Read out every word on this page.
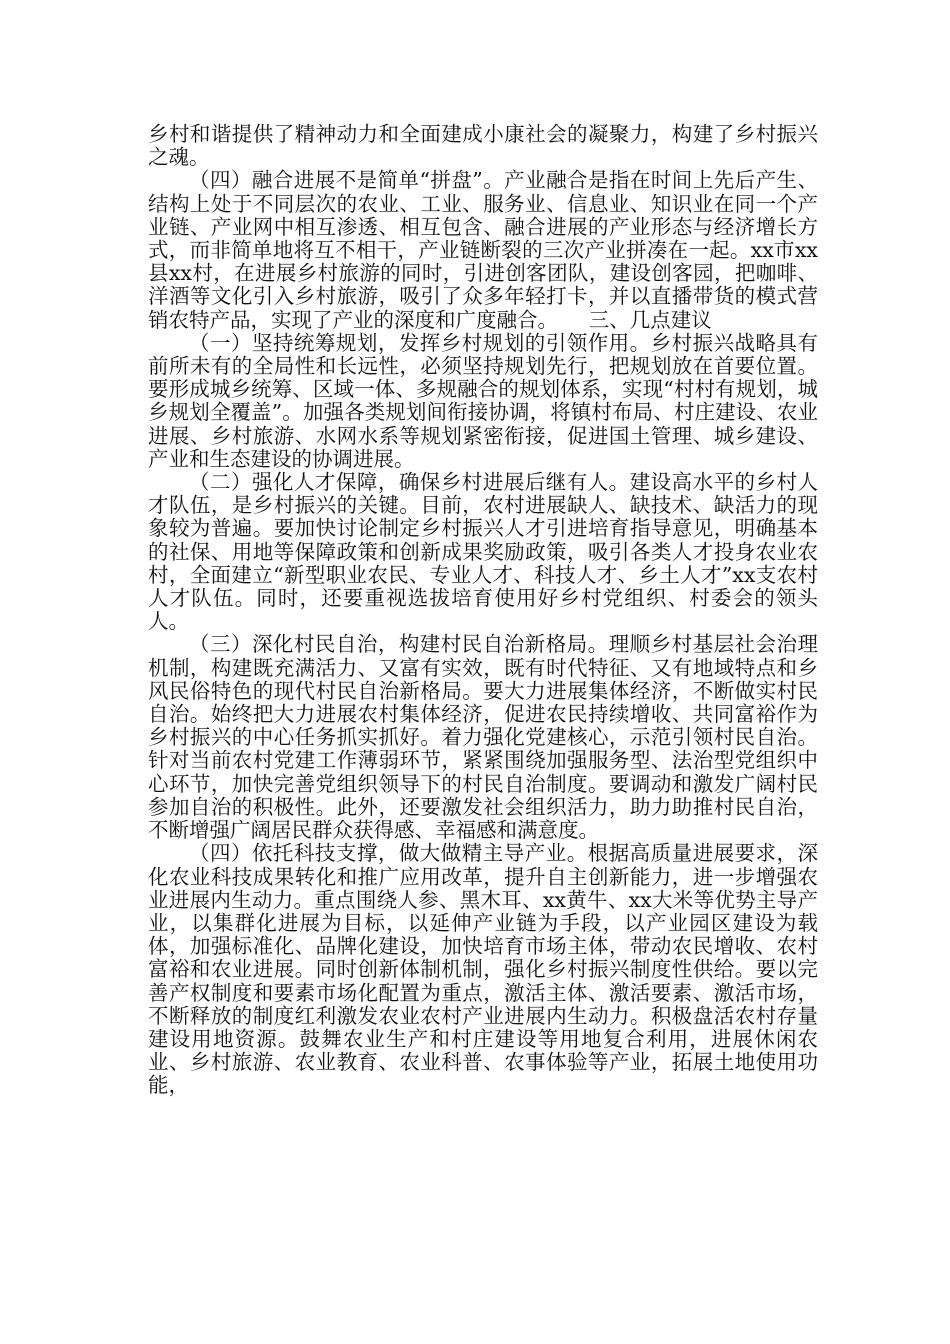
乡村和谐提供了精神动力和全面建成小康社会的凝聚力，构建了乡村振兴之魂。

（四）融合进展不是简单“拼盘”。产业融合是指在时间上先后产生、结构上处于不同层次的农业、工业、服务业、信息业、知识业在同一个产业链、产业网中相互渗透、相互包含、融合进展的产业形态与经济增长方式，而非简单地将互不相干，产业链断裂的三次产业拼凑在一起。xx市xx县xx村，在进展乡村旅游的同时，引进创客团队，建设创客园，把咖啡、洋酒等文化引入乡村旅游，吸引了众多年轻打卡，并以直播带货的模式营销农特产品，实现了产业的深度和广度融合。　　三、几点建议

（一）坚持统筹规划，发挥乡村规划的引领作用。乡村振兴战略具有前所未有的全局性和长远性，必须坚持规划先行，把规划放在首要位置。要形成城乡统筹、区域一体、多规融合的规划体系，实现“村村有规划，城乡规划全覆盖”。加强各类规划间衔接协调，将镇村布局、村庄建设、农业进展、乡村旅游、水网水系等规划紧密衔接，促进国土管理、城乡建设、产业和生态建设的协调进展。

（二）强化人才保障，确保乡村进展后继有人。建设高水平的乡村人才队伍，是乡村振兴的关键。目前，农村进展缺人、缺技术、缺活力的现象较为普遍。要加快讨论制定乡村振兴人才引进培育指导意见，明确基本的社保、用地等保障政策和创新成果奖励政策，吸引各类人才投身农业农村，全面建立“新型职业农民、专业人才、科技人才、乡土人才”xx支农村人才队伍。同时，还要重视选拔培育使用好乡村党组织、村委会的领头人。

（三）深化村民自治，构建村民自治新格局。理顺乡村基层社会治理机制，构建既充满活力、又富有实效，既有时代特征、又有地域特点和乡风民俗特色的现代村民自治新格局。要大力进展集体经济，不断做实村民自治。始终把大力进展农村集体经济，促进农民持续增收、共同富裕作为乡村振兴的中心任务抓实抓好。着力强化党建核心，示范引领村民自治。针对当前农村党建工作薄弱环节，紧紧围绕加强服务型、法治型党组织中心环节，加快完善党组织领导下的村民自治制度。要调动和激发广阔村民参加自治的积极性。此外，还要激发社会组织活力，助力助推村民自治，不断增强广阔居民群众获得感、幸福感和满意度。

（四）依托科技支撑，做大做精主导产业。根据高质量进展要求，深化农业科技成果转化和推广应用改革，提升自主创新能力，进一步增强农业进展内生动力。重点围绕人参、黑木耳、xx黄牛、xx大米等优势主导产业，以集群化进展为目标，以延伸产业链为手段，以产业园区建设为载体，加强标准化、品牌化建设，加快培育市场主体，带动农民增收、农村富裕和农业进展。同时创新体制机制，强化乡村振兴制度性供给。要以完善产权制度和要素市场化配置为重点，激活主体、激活要素、激活市场，不断释放的制度红利激发农业农村产业进展内生动力。积极盘活农村存量建设用地资源。鼓舞农业生产和村庄建设等用地复合利用，进展休闲农业、乡村旅游、农业教育、农业科普、农事体验等产业，拓展土地使用功能，
